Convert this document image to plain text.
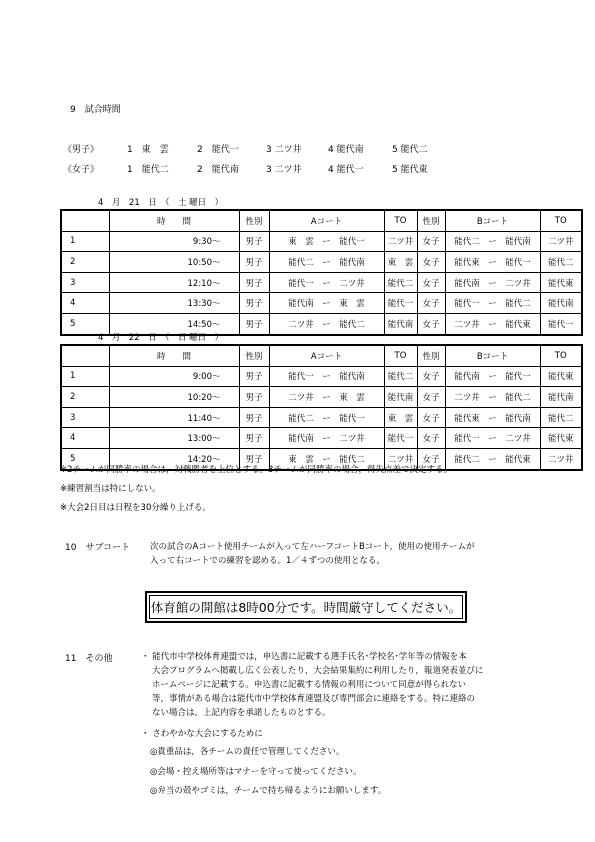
9　試合時間
《男子》	1　東　雲	2　能代一	3 二ツ井	4 能代南	5 能代二
《女子》	1　能代二	2　能代南	3 二ツ井	4 能代一	5 能代東
4　月　21　日　（　土 曜日　）
	時　　間	性別	Aコート	TO	性別	Bコート	TO
1	9:30～	男子	東　雲　ー　能代一	二ツ井	女子	能代二　ー　能代南	二ツ井
2	10:50～	男子	能代二　ー　能代南	東　雲	女子	能代東　ー　能代一	能代二
3	12:10～	男子	能代一　ー　二ツ井	能代二	女子	能代南　ー　二ツ井	能代東
4	13:30～	男子	能代南　ー　東　雲	能代一	女子	能代一　ー　能代二	能代南
5	14:50～	男子	二ツ井　ー　能代二	能代南	女子	二ツ井　ー　能代東	能代一
4　月　22　日　（　日 曜日　）
	時　　間	性別	Aコート	TO	性別	Bコート	TO
1	9:00～	男子	能代一　ー　能代南	能代二	女子	能代南　ー　能代一	能代東
2	10:20～	男子	二ツ井　ー　東　雲	能代南	女子	二ツ井　ー　能代二	能代南
3	11:40～	男子	能代二　ー　能代一	東　雲	女子	能代東　ー　能代南	能代二
4	13:00～	男子	能代南　ー　二ツ井	能代一	女子	能代一　ー　二ツ井	能代東
5	14:20～	男子	東　雲　ー　能代二	二ツ井	女子	能代二　ー　能代東	二ツ井
※2チームが同勝率の場合は，対戦勝者を上位とする。3チームが同勝率の場合，得失点差で決定する。
※練習割当は特にしない。
※大会2日目は日程を30分繰り上げる。
10　サブコート 次の試合のAコート使用チームが入って左ハーフコートBコート，使用の使用チームが
入って右コートでの練習を認める。1／４ずつの使用となる。
体育館の開館は8時00分です。時間厳守してください。
11　その他	・ 能代市中学校体育連盟では，申込書に記載する選手氏名･学校名･学年等の情報を本
大会プログラムへ掲載し広く公表したり，大会結果集約に利用したり，報道発表並びに
ホームページに記載する。申込書に記載する情報の利用について同意が得られない
等，事情がある場合は能代市中学校体育連盟及び専門部会に連絡をする。特に連絡の
ない場合は，上記内容を承諾したものとする。
・ さわやかな大会にするために
◎貴重品は，各チームの責任で管理してください。
◎会場・控え場所等はマナーを守って使ってください。
◎弁当の殻やゴミは，チームで持ち帰るようにお願いします。
